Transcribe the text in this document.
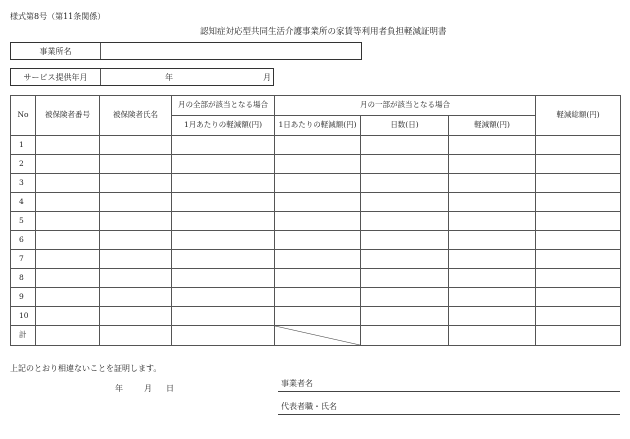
様式第8号（第11条関係）
認知症対応型共同生活介護事業所の家賃等利用者負担軽減証明書
事業所名
サービス提供年月	年	月
No	被保険者番号	被保険者氏名	月の全部が該当となる場合	月の一部が該当となる場合			軽減総額(円)
			1月あたりの軽減額(円)	1日あたりの軽減額(円)	日数(日)	軽減額(円)	
1							
2							
3							
4							
5							
6							
7							
8							
9							
10							
計				

上記のとおり相違ないことを証明します。
年	月 日
事業者名
代表者職・氏名
